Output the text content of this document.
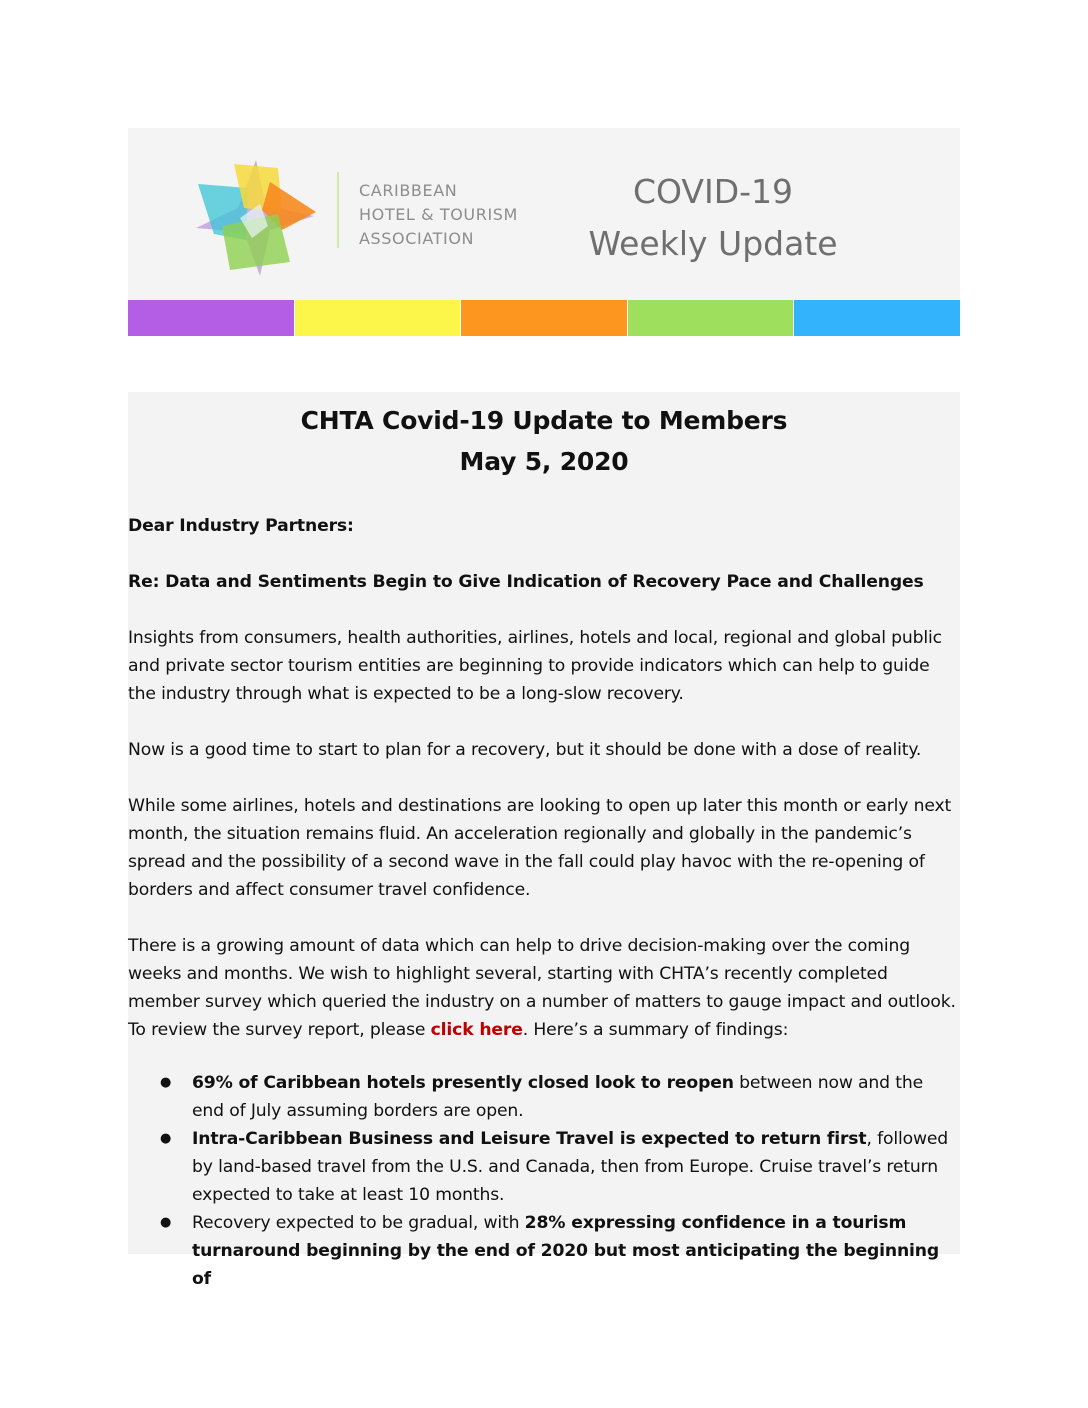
CARIBBEAN
HOTEL & TOURISM
ASSOCIATION
COVID-19
Weekly Update
CHTA Covid-19 Update to Members
May 5, 2020

Dear Industry Partners:

Re: Data and Sentiments Begin to Give Indication of Recovery Pace and Challenges

Insights from consumers, health authorities, airlines, hotels and local, regional and global public and private sector tourism entities are beginning to provide indicators which can help to guide the industry through what is expected to be a long-slow recovery.

Now is a good time to start to plan for a recovery, but it should be done with a dose of reality.

While some airlines, hotels and destinations are looking to open up later this month or early next month, the situation remains fluid. An acceleration regionally and globally in the pandemic’s spread and the possibility of a second wave in the fall could play havoc with the re-opening of borders and affect consumer travel confidence.

There is a growing amount of data which can help to drive decision-making over the coming weeks and months. We wish to highlight several, starting with CHTA’s recently completed member survey which queried the industry on a number of matters to gauge impact and outlook. To review the survey report, please click here. Here’s a summary of findings:

● 69% of Caribbean hotels presently closed look to reopen between now and the end of July assuming borders are open.
● Intra-Caribbean Business and Leisure Travel is expected to return first, followed by land-based travel from the U.S. and Canada, then from Europe. Cruise travel’s return expected to take at least 10 months.
● Recovery expected to be gradual, with 28% expressing confidence in a tourism turnaround beginning by the end of 2020 but most anticipating the beginning of
